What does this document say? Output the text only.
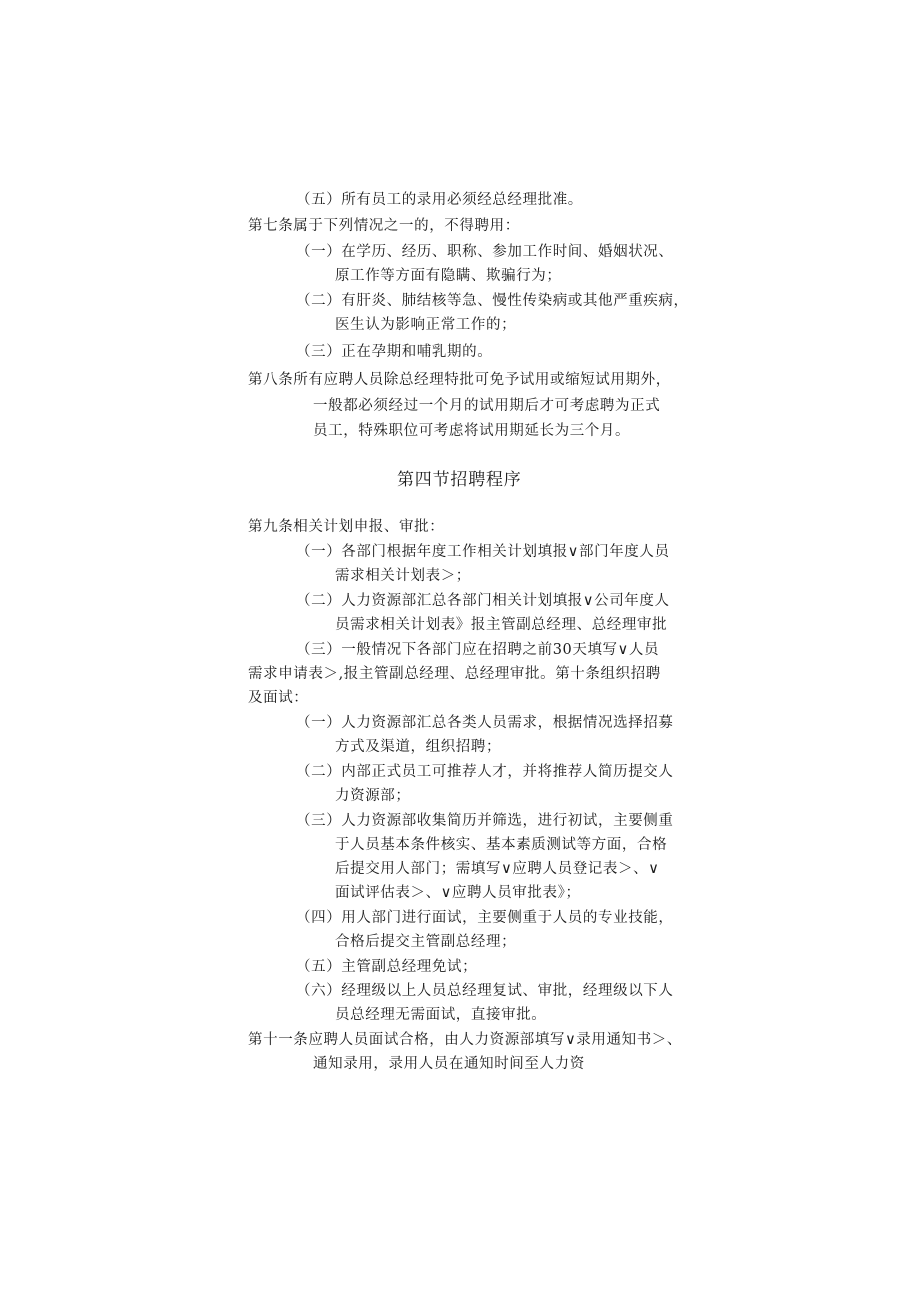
（五）所有员工的录用必须经总经理批准。
第七条属于下列情况之一的，不得聘用：
（一）在学历、经历、职称、参加工作时间、婚姻状况、
原工作等方面有隐瞒、欺骗行为；
（二）有肝炎、肺结核等急、慢性传染病或其他严重疾病，
医生认为影响正常工作的；
（三）正在孕期和哺乳期的。
第八条所有应聘人员除总经理特批可免予试用或缩短试用期外，
一般都必须经过一个月的试用期后才可考虑聘为正式
员工，特殊职位可考虑将试用期延长为三个月。
第四节招聘程序
第九条相关计划申报、审批：
（一）各部门根据年度工作相关计划填报∨部门年度人员
需求相关计划表＞；
（二）人力资源部汇总各部门相关计划填报∨公司年度人
员需求相关计划表》报主管副总经理、总经理审批
（三）一般情况下各部门应在招聘之前30天填写∨人员
需求申请表＞,报主管副总经理、总经理审批。第十条组织招聘
及面试：
（一）人力资源部汇总各类人员需求，根据情况选择招募
方式及渠道，组织招聘；
（二）内部正式员工可推荐人才，并将推荐人简历提交人
力资源部；
（三）人力资源部收集简历并筛选，进行初试，主要侧重
于人员基本条件核实、基本素质测试等方面，合格
后提交用人部门；需填写∨应聘人员登记表＞、∨
面试评估表＞、∨应聘人员审批表》；
（四）用人部门进行面试，主要侧重于人员的专业技能，
合格后提交主管副总经理；
（五）主管副总经理免试；
（六）经理级以上人员总经理复试、审批，经理级以下人
员总经理无需面试，直接审批。
第十一条应聘人员面试合格，由人力资源部填写∨录用通知书＞、
通知录用，录用人员在通知时间至人力资
